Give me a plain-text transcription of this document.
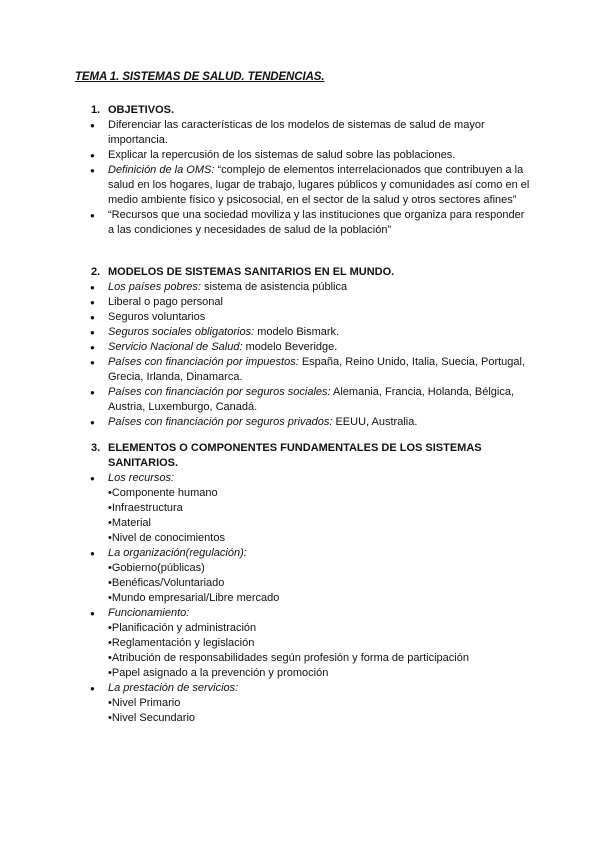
TEMA 1. SISTEMAS DE SALUD. TENDENCIAS.
1. OBJETIVOS.
● Diferenciar las características de los modelos de sistemas de salud de mayor importancia.
● Explicar la repercusión de los sistemas de salud sobre las poblaciones.
● Definición de la OMS: “complejo de elementos interrelacionados que contribuyen a la salud en los hogares, lugar de trabajo, lugares públicos y comunidades así como en el medio ambiente físico y psicosocial, en el sector de la salud y otros sectores afines”
● “Recursos que una sociedad moviliza y las instituciones que organiza para responder a las condiciones y necesidades de salud de la población”
2. MODELOS DE SISTEMAS SANITARIOS EN EL MUNDO.
● Los países pobres: sistema de asistencia pública
● Liberal o pago personal
● Seguros voluntarios
● Seguros sociales obligatorios: modelo Bismark.
● Servicio Nacional de Salud: modelo Beveridge.
● Países con financiación por impuestos: España, Reino Unido, Italia, Suecia, Portugal, Grecia, Irlanda, Dinamarca.
● Países con financiación por seguros sociales: Alemania, Francia, Holanda, Bélgica, Austria, Luxemburgo, Canadá.
● Países con financiación por seguros privados: EEUU, Australia.
3. ELEMENTOS O COMPONENTES FUNDAMENTALES DE LOS SISTEMAS SANITARIOS.
● Los recursos:
• Componente humano
• Infraestructura
• Material
• Nivel de conocimientos
● La organización(regulación):
• Gobierno(públicas)
• Benéficas/Voluntariado
• Mundo empresarial/Libre mercado
● Funcionamiento:
• Planificación y administración
• Reglamentación y legislación
• Atribución de responsabilidades según profesión y forma de participación
• Papel asignado a la prevención y promoción
● La prestación de servicios:
• Nivel Primario
• Nivel Secundario
